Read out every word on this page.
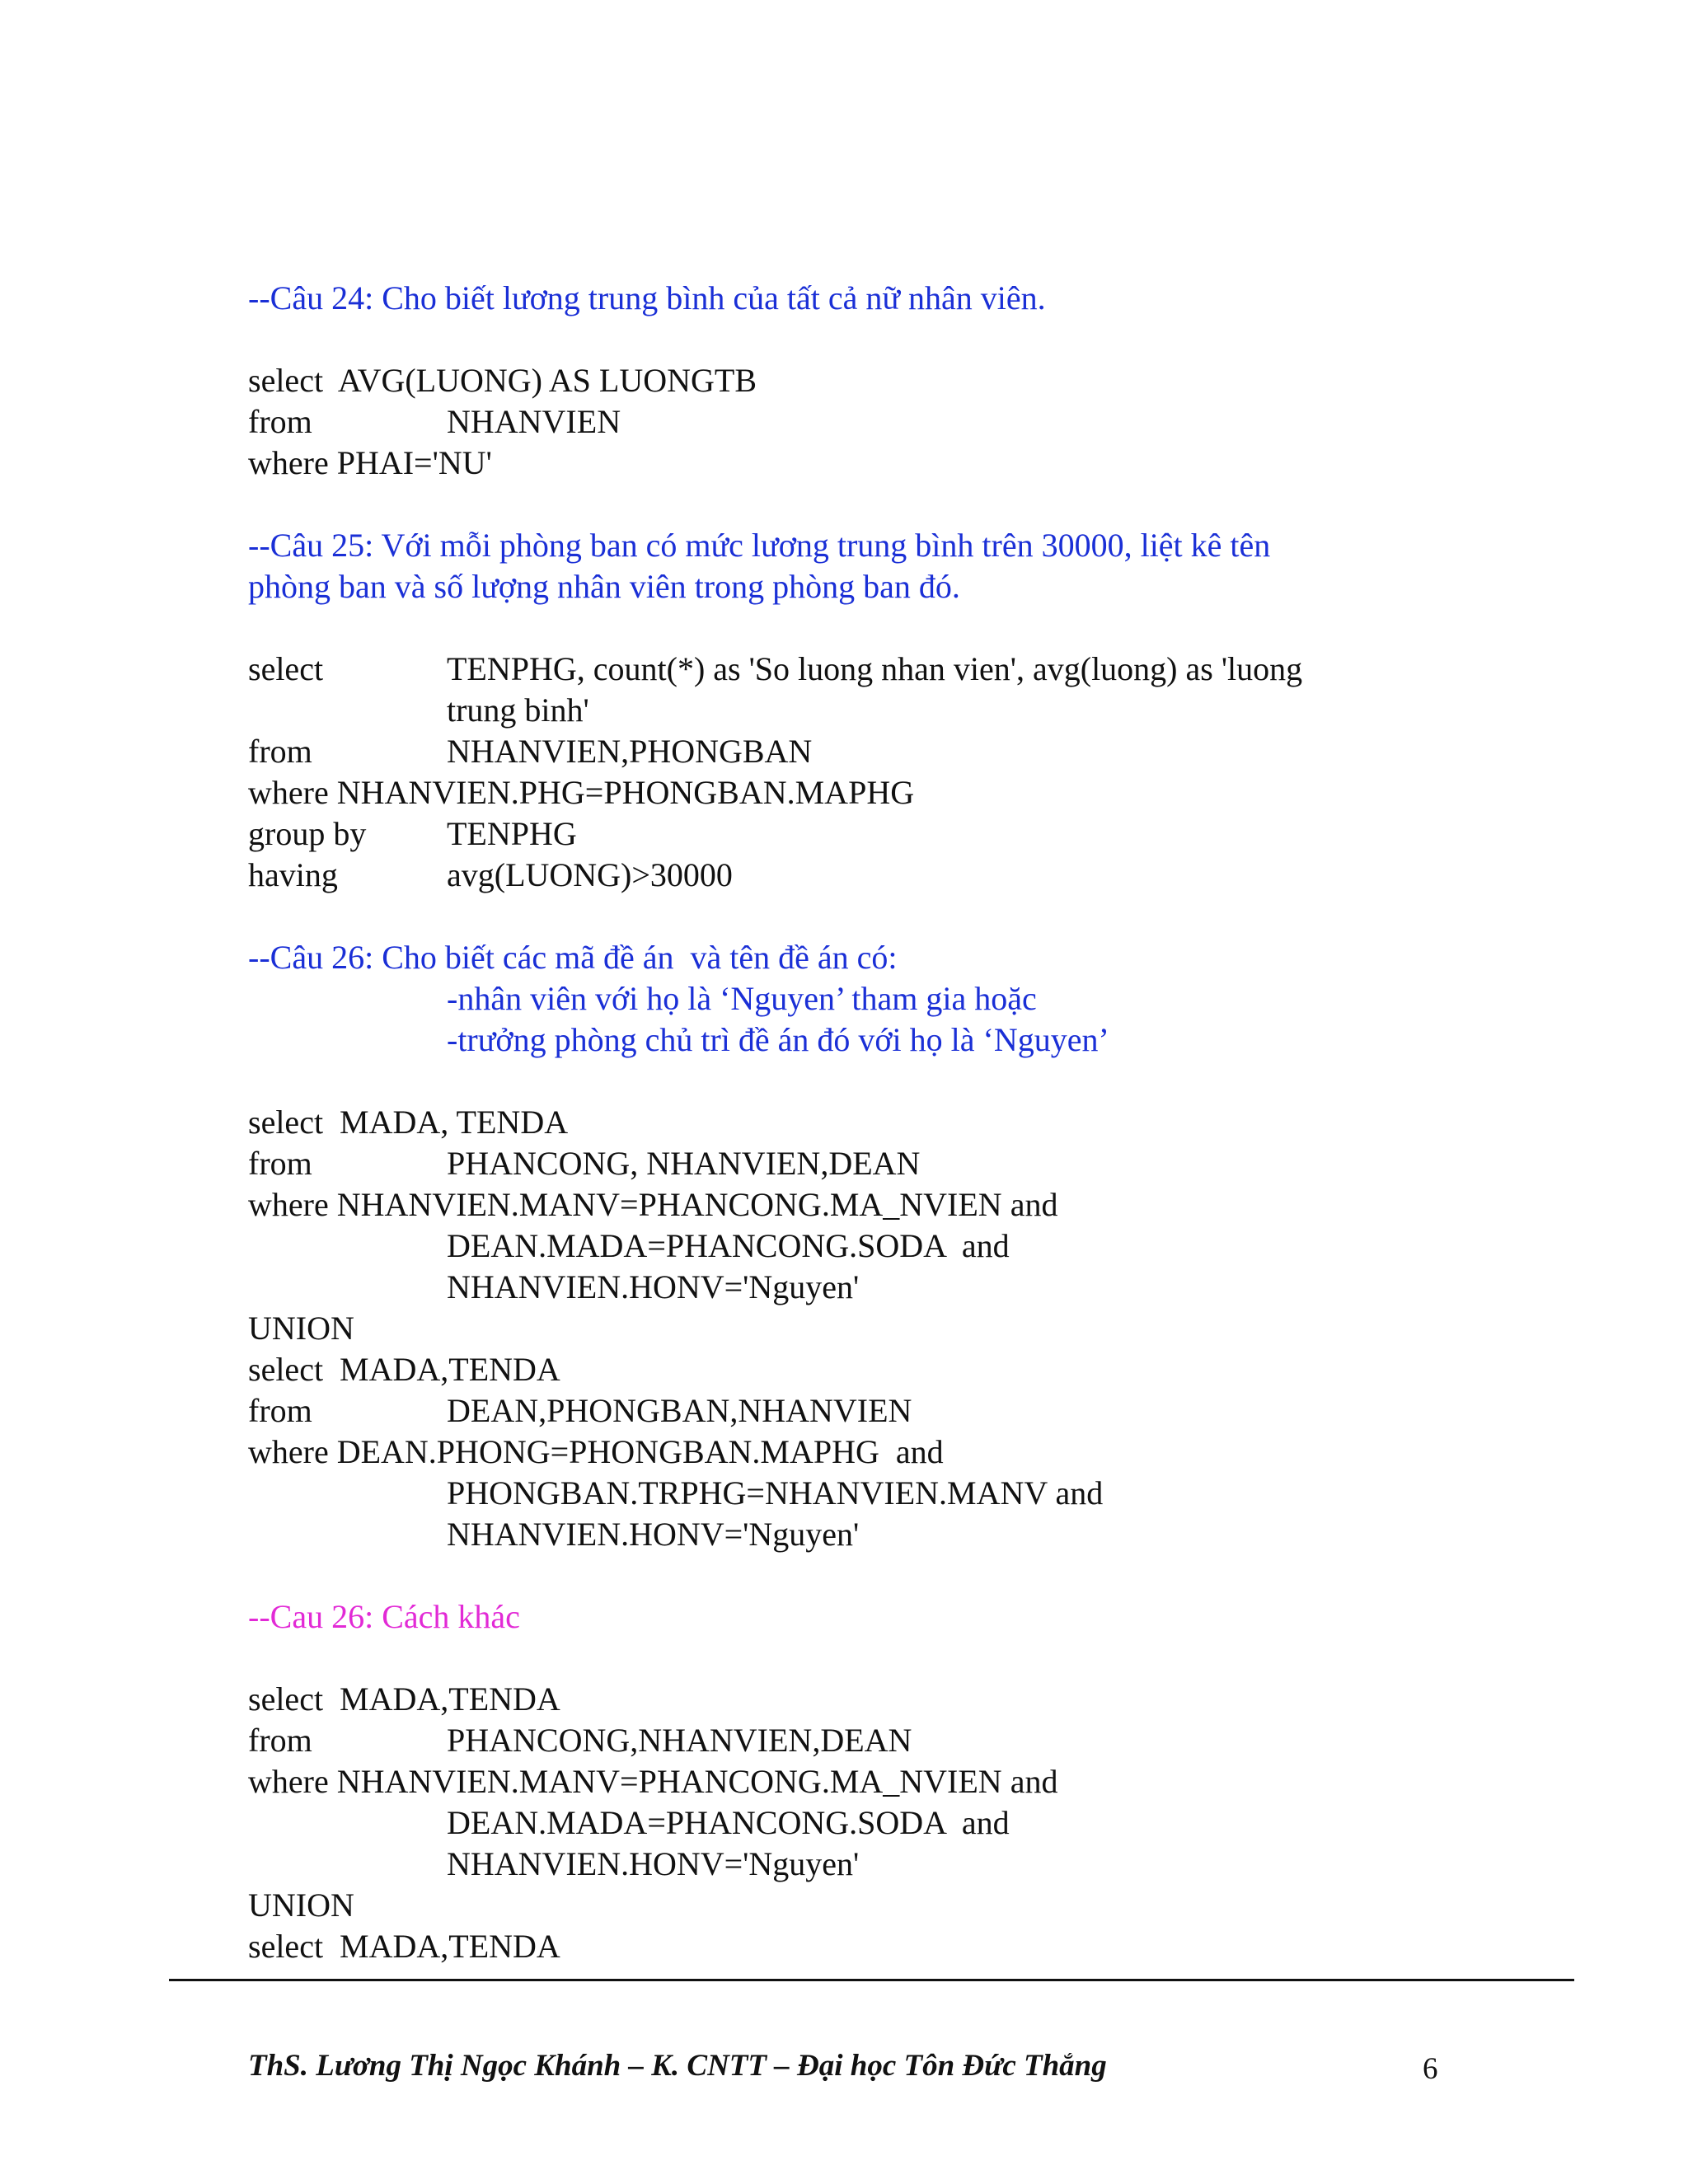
--Câu 24: Cho biết lương trung bình của tất cả nữ nhân viên.
select  AVG(LUONG) AS LUONGTB
from	NHANVIEN
where PHAI='NU'
--Câu 25: Với mỗi phòng ban có mức lương trung bình trên 30000, liệt kê tên
phòng ban và số lượng nhân viên trong phòng ban đó.
select	TENPHG, count(*) as 'So luong nhan vien', avg(luong) as 'luong
trung binh'
from	NHANVIEN,PHONGBAN
where NHANVIEN.PHG=PHONGBAN.MAPHG
group by TENPHG
having	avg(LUONG)>30000
--Câu 26: Cho biết các mã đề án  và tên đề án có:
-nhân viên với họ là ‘Nguyen’ tham gia hoặc
-trưởng phòng chủ trì đề án đó với họ là ‘Nguyen’
select  MADA, TENDA
from	PHANCONG, NHANVIEN,DEAN
where NHANVIEN.MANV=PHANCONG.MA_NVIEN and
DEAN.MADA=PHANCONG.SODA  and
NHANVIEN.HONV='Nguyen'
UNION
select  MADA,TENDA
from	DEAN,PHONGBAN,NHANVIEN
where DEAN.PHONG=PHONGBAN.MAPHG  and
PHONGBAN.TRPHG=NHANVIEN.MANV and
NHANVIEN.HONV='Nguyen'
--Cau 26: Cách khác
select  MADA,TENDA
from	PHANCONG,NHANVIEN,DEAN
where NHANVIEN.MANV=PHANCONG.MA_NVIEN and
DEAN.MADA=PHANCONG.SODA  and
NHANVIEN.HONV='Nguyen'
UNION
select  MADA,TENDA
ThS. Lương Thị Ngọc Khánh – K. CNTT – Đại học Tôn Đức Thắng	6
